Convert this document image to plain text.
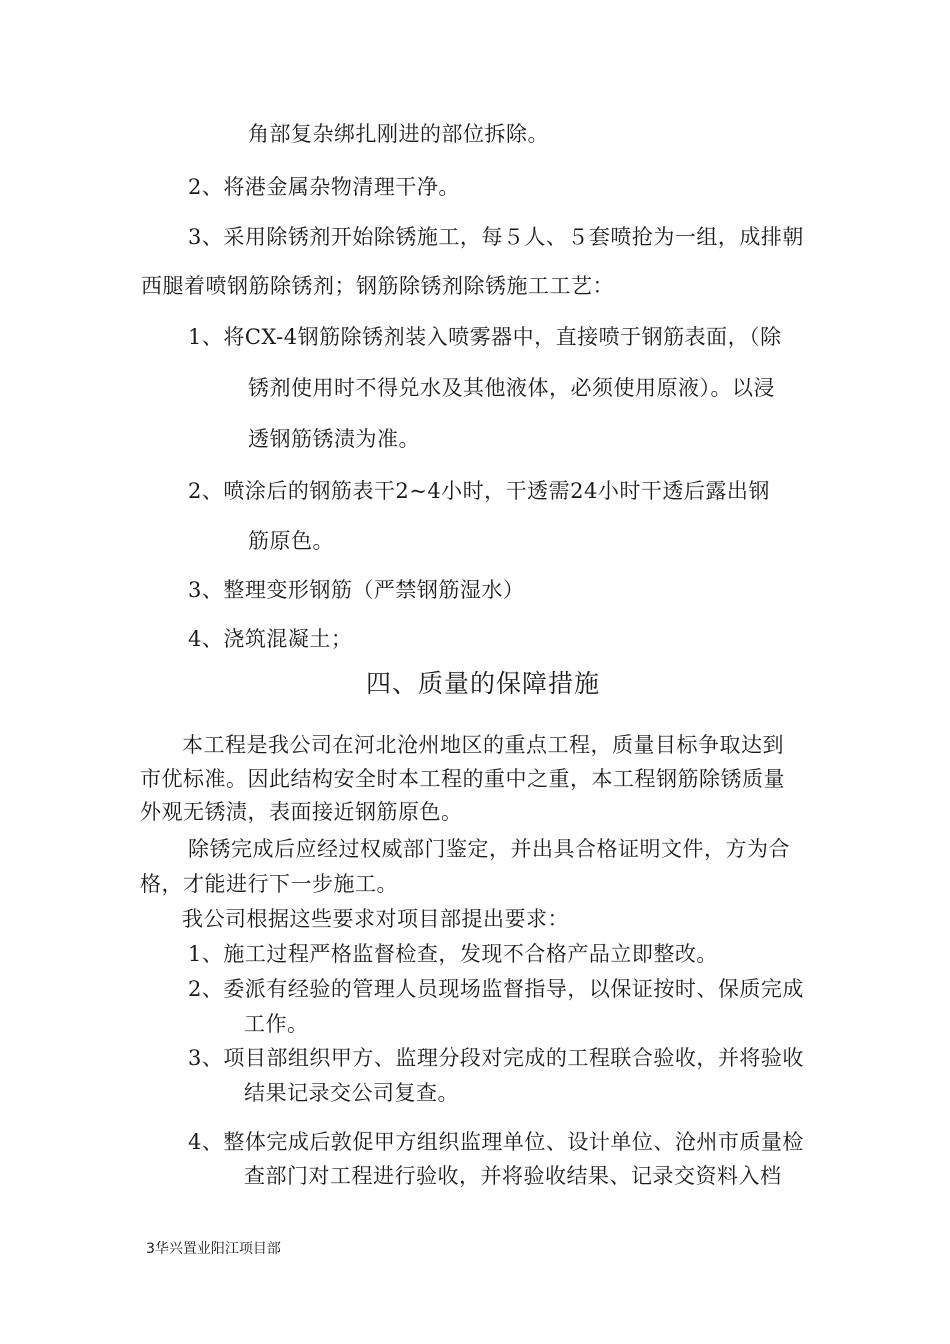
角部复杂绑扎刚进的部位拆除。
2、将港金属杂物清理干净。
3、采用除锈剂开始除锈施工，每５人、５套喷抢为一组，成排朝
西腿着喷钢筋除锈剂；钢筋除锈剂除锈施工工艺：
1、将CX-4钢筋除锈剂装入喷雾器中，直接喷于钢筋表面，（除
锈剂使用时不得兑水及其他液体，必须使用原液）。以浸
透钢筋锈渍为准。
2、喷涂后的钢筋表干2~4小时，干透需24小时干透后露出钢
筋原色。
3、整理变形钢筋（严禁钢筋湿水）
4、浇筑混凝土；
四、质量的保障措施
本工程是我公司在河北沧州地区的重点工程，质量目标争取达到
市优标准。因此结构安全时本工程的重中之重，本工程钢筋除锈质量
外观无锈渍，表面接近钢筋原色。
除锈完成后应经过权威部门鉴定，并出具合格证明文件，方为合
格，才能进行下一步施工。
我公司根据这些要求对项目部提出要求：
1、施工过程严格监督检查，发现不合格产品立即整改。
2、委派有经验的管理人员现场监督指导，以保证按时、保质完成
工作。
3、项目部组织甲方、监理分段对完成的工程联合验收，并将验收
结果记录交公司复查。
4、整体完成后敦促甲方组织监理单位、设计单位、沧州市质量检
查部门对工程进行验收，并将验收结果、记录交资料入档
3华兴置业阳江项目部
